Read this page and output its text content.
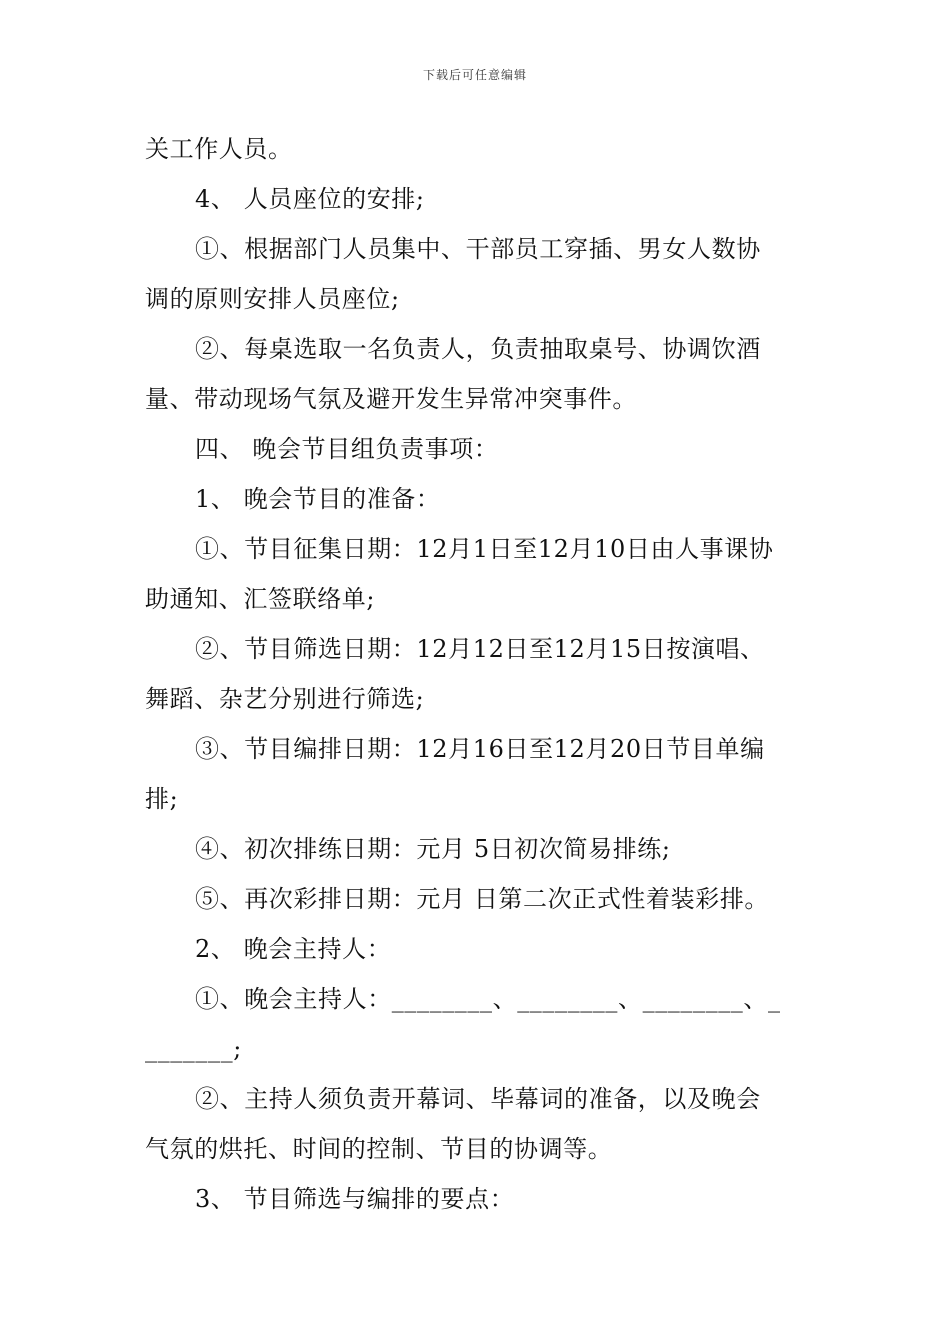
下载后可任意编辑
关工作人员。
4、 人员座位的安排;
①、根据部门人员集中、干部员工穿插、男女人数协
调的原则安排人员座位;
②、每桌选取一名负责人，负责抽取桌号、协调饮酒
量、带动现场气氛及避开发生异常冲突事件。
四、 晚会节目组负责事项：
1、 晚会节目的准备：
①、节目征集日期：12月1日至12月10日由人事课协
助通知、汇签联络单;
②、节目筛选日期：12月12日至12月15日按演唱、
舞蹈、杂艺分别进行筛选;
③、节目编排日期：12月16日至12月20日节目单编
排;
④、初次排练日期：元月 5日初次简易排练;
⑤、再次彩排日期：元月 日第二次正式性着装彩排。
2、 晚会主持人：
①、晚会主持人：________、________、________、_
_______;
②、主持人须负责开幕词、毕幕词的准备，以及晚会
气氛的烘托、时间的控制、节目的协调等。
3、 节目筛选与编排的要点：
